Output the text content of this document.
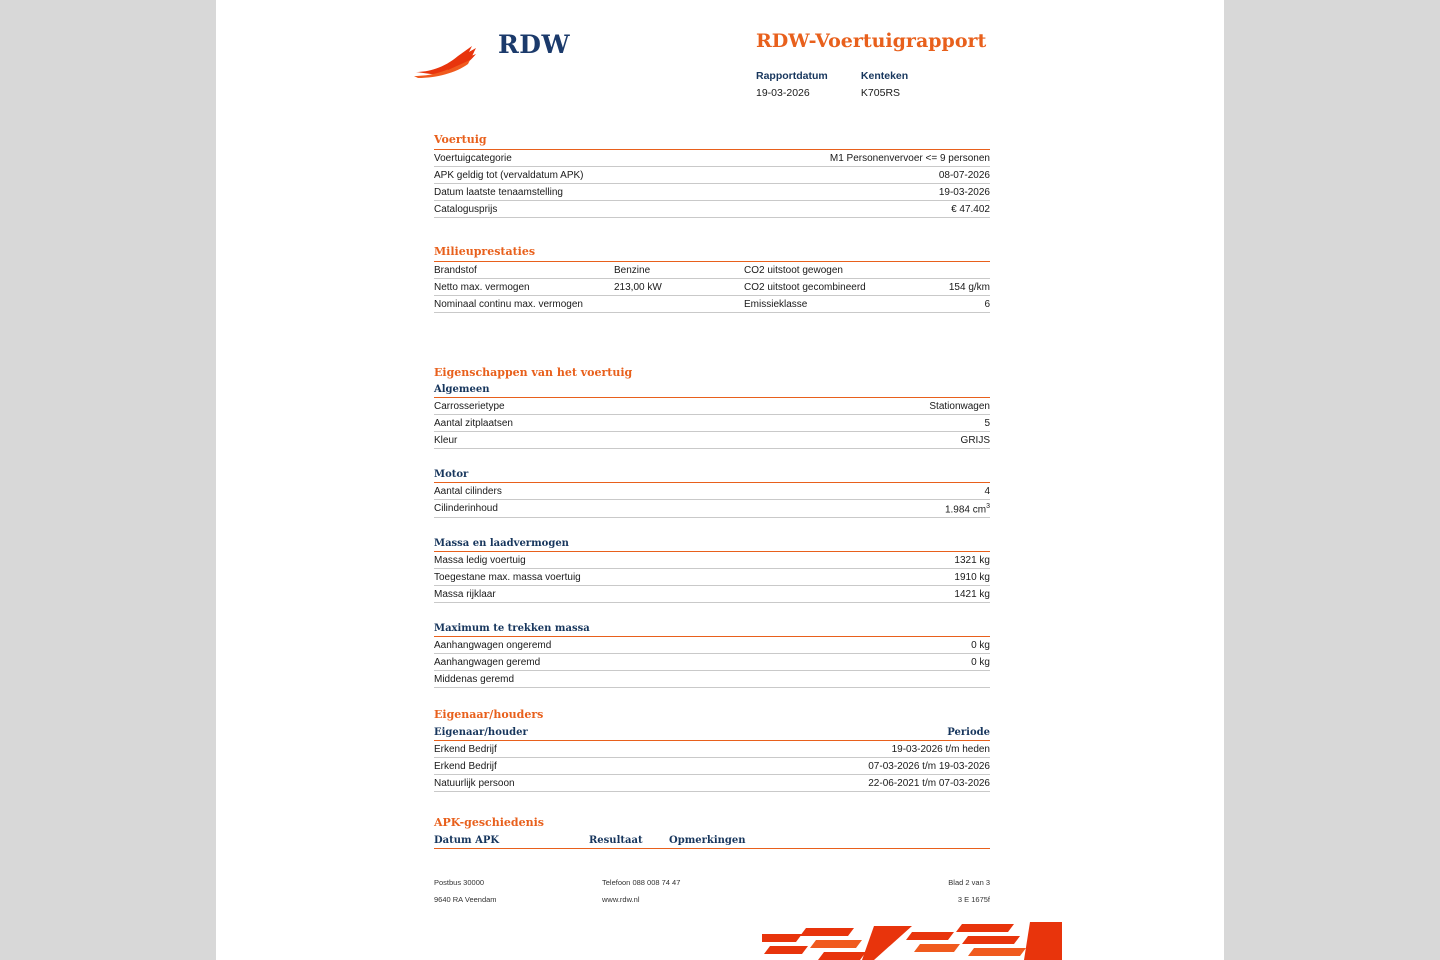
RDW	RDW-Voertuigrapport
Rapportdatum
19-03-2026

Kenteken
K705RS
Voertuig
Voertuigcategorie	M1 Personenvervoer <= 9 personen
APK geldig tot (vervaldatum APK)	08-07-2026
Datum laatste tenaamstelling	19-03-2026
Catalogusprijs	€ 47.402
Milieuprestaties
Brandstof	Benzine	CO2 uitstoot gewogen	
Netto max. vermogen	213,00 kW	CO2 uitstoot gecombineerd	154 g/km
Nominaal continu max. vermogen		Emissieklasse	6
Eigenschappen van het voertuig
Algemeen
Carrosserietype	Stationwagen
Aantal zitplaatsen	5
Kleur	GRIJS
Motor
Aantal cilinders	4
Cilinderinhoud	1.984 $cm^3$
Massa en laadvermogen
Massa ledig voertuig	1321 kg
Toegestane max. massa voertuig	1910 kg
Massa rijklaar	1421 kg
Maximum te trekken massa
Aanhangwagen ongeremd	0 kg
Aanhangwagen geremd	0 kg
Middenas geremd	
Eigenaar/houders
Eigenaar/houder	Periode
Erkend Bedrijf	19-03-2026 t/m heden
Erkend Bedrijf	07-03-2026 t/m 19-03-2026
Natuurlijk persoon	22-06-2021 t/m 07-03-2026
APK-geschiedenis
Datum APK	Resultaat	Opmerkingen
Postbus 30000	Telefoon 088 008 74 47	Blad 2 van 3
9640 RA Veendam	www.rdw.nl	3 E 1675f
